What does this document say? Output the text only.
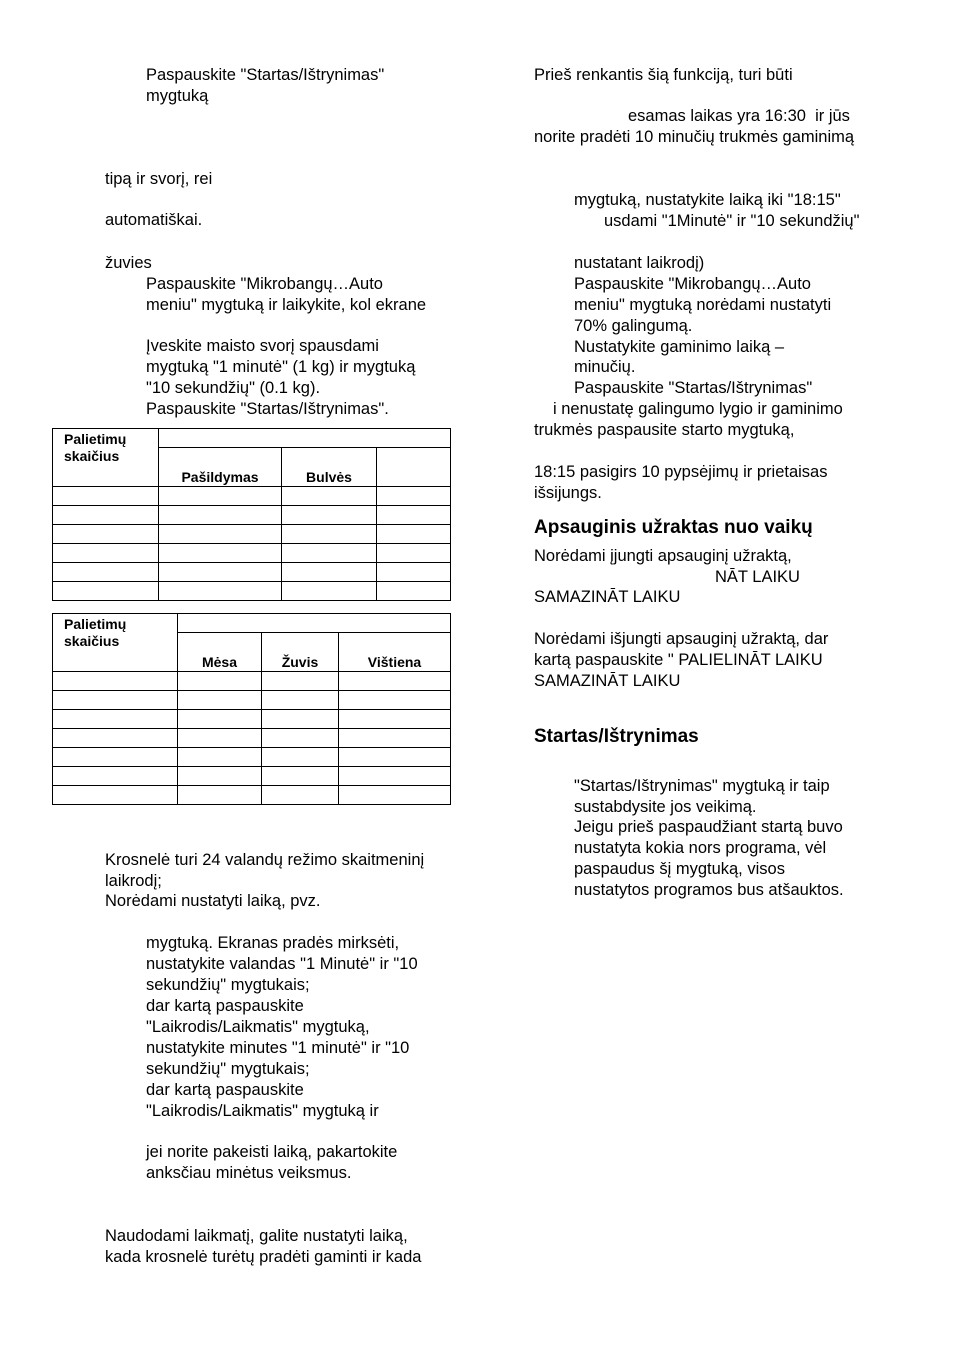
Paspauskite "Startas/Ištrynimas"
mygtuką
tipą ir svorį, rei
automatiškai.
žuvies
Paspauskite "Mikrobangų…Auto
meniu" mygtuką ir laikykite, kol ekrane
Įveskite maisto svorį spausdami
mygtuką "1 minutė" (1 kg) ir mygtuką
"10 sekundžių" (0.1 kg).
Paspauskite "Startas/Ištrynimas".
Palietimų
skaičius			
	Pašildymas	Bulvės	

Palietimų
skaičius			
	Mėsa	Žuvis	Vištiena

Krosnelė turi 24 valandų režimo skaitmeninį
laikrodį;
Norėdami nustatyti laiką, pvz.
mygtuką. Ekranas pradės mirksėti,
nustatykite valandas "1 Minutė" ir "10
sekundžių" mygtukais;
dar kartą paspauskite
"Laikrodis/Laikmatis" mygtuką,
nustatykite minutes "1 minutė" ir "10
sekundžių" mygtukais;
dar kartą paspauskite
"Laikrodis/Laikmatis" mygtuką ir
jei norite pakeisti laiką, pakartokite
anksčiau minėtus veiksmus.
Naudodami laikmatį, galite nustatyti laiką,
kada krosnelė turėtų pradėti gaminti ir kada
Prieš renkantis šią funkciją, turi būti
esamas laikas yra 16:30  ir jūs
norite pradėti 10 minučių trukmės gaminimą
mygtuką, nustatykite laiką iki "18:15"
usdami "1Minutė" ir "10 sekundžių"
nustatant laikrodį)
Paspauskite "Mikrobangų…Auto
meniu" mygtuką norėdami nustatyti
70% galingumą.
Nustatykite gaminimo laiką –
minučių.
Paspauskite "Startas/Ištrynimas"
i nenustatę galingumo lygio ir gaminimo
trukmės paspausite starto mygtuką,
18:15 pasigirs 10 pypsėjimų ir prietaisas
išsijungs.
Apsauginis užraktas nuo vaikų
Norėdami įjungti apsauginį užraktą,
NĀT LAIKU
SAMAZINĀT LAIKU
Norėdami išjungti apsauginį užraktą, dar
kartą paspauskite " PALIELINĀT LAIKU
SAMAZINĀT LAIKU
Startas/Ištrynimas
"Startas/Ištrynimas" mygtuką ir taip
sustabdysite jos veikimą.
Jeigu prieš paspaudžiant startą buvo
nustatyta kokia nors programa, vėl
paspaudus šį mygtuką, visos
nustatytos programos bus atšauktos.
